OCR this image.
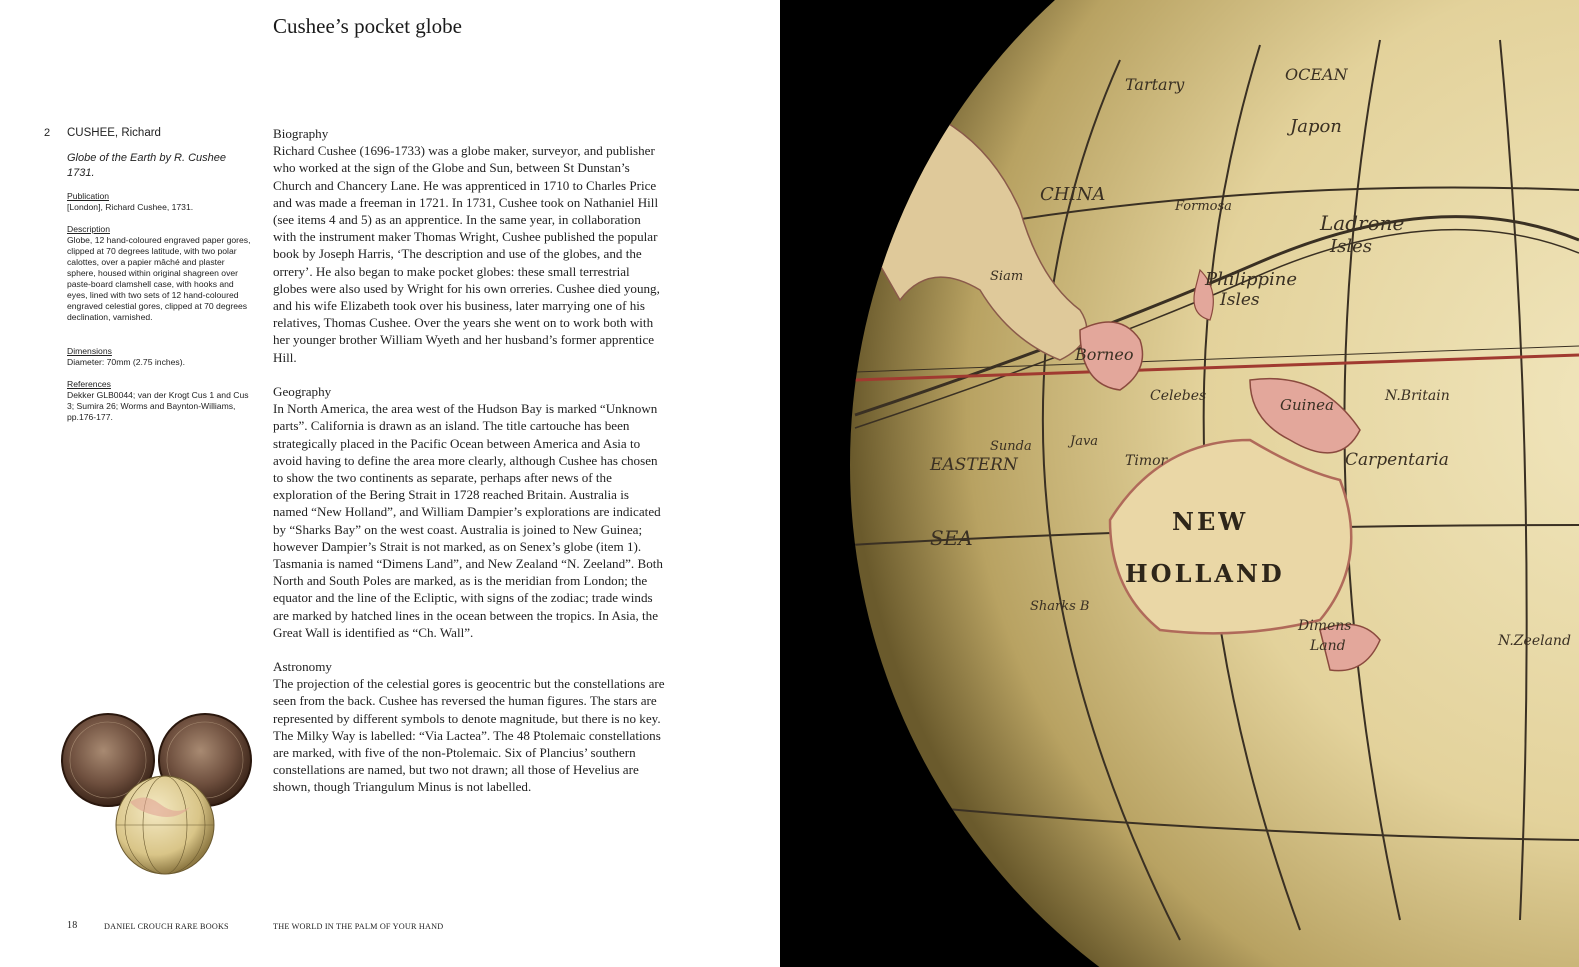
Cushee’s pocket globe
2 CUSHEE, Richard
Globe of the Earth by R. Cushee 1731.
Publication
[London], Richard Cushee, 1731.
Description
Globe, 12 hand-coloured engraved paper gores, clipped at 70 degrees latitude, with two polar calottes, over a papier mâché and plaster sphere, housed within original shagreen over paste-board clamshell case, with hooks and eyes, lined with two sets of 12 hand-coloured engraved celestial gores, clipped at 70 degrees declination, varnished.
Dimensions
Diameter: 70mm (2.75 inches).
References
Dekker GLB0044; van der Krogt Cus 1 and Cus 3; Sumira 26; Worms and Baynton-Williams, pp.176-177.
Biography
Richard Cushee (1696-1733) was a globe maker, surveyor, and publisher who worked at the sign of the Globe and Sun, between St Dunstan’s Church and Chancery Lane. He was apprenticed in 1710 to Charles Price and was made a freeman in 1721. In 1731, Cushee took on Nathaniel Hill (see items 4 and 5) as an apprentice. In the same year, in collaboration with the instrument maker Thomas Wright, Cushee published the popular book by Joseph Harris, ‘The description and use of the globes, and the orrery’. He also began to make pocket globes: these small terrestrial globes were also used by Wright for his own orreries. Cushee died young, and his wife Elizabeth took over his business, later marrying one of his relatives, Thomas Cushee. Over the years she went on to work both with her younger brother William Wyeth and her husband’s former apprentice Hill.
Geography
In North America, the area west of the Hudson Bay is marked “Unknown parts”. California is drawn as an island. The title cartouche has been strategically placed in the Pacific Ocean between America and Asia to avoid having to define the area more clearly, although Cushee has chosen to show the two continents as separate, perhaps after news of the exploration of the Bering Strait in 1728 reached Britain. Australia is named “New Holland”, and William Dampier’s explorations are indicated by “Sharks Bay” on the west coast. Australia is joined to New Guinea; however Dampier’s Strait is not marked, as on Senex’s globe (item 1). Tasmania is named “Dimens Land”, and New Zealand “N. Zeeland”. Both North and South Poles are marked, as is the meridian from London; the equator and the line of the Ecliptic, with signs of the zodiac; trade winds are marked by hatched lines in the ocean between the tropics. In Asia, the Great Wall is identified as “Ch. Wall”.
Astronomy
The projection of the celestial gores is geocentric but the constellations are seen from the back. Cushee has reversed the human figures. The stars are represented by different symbols to denote magnitude, but there is no key. The Milky Way is labelled: “Via Lactea”. The 48 Ptolemaic constellations are marked, with five of the non-Ptolemaic. Six of Plancius’ southern constellations are named, but two not drawn; all those of Hevelius are shown, though Triangulum Minus is not labelled.
18	DANIEL CROUCH RARE BOOKS	THE WORLD IN THE PALM OF YOUR HAND
Tartary
OCEAN
Japon
CHINA
Formosa
Ladrone
Isles
Philippine
Isles
Siam
Borneo
Celebes	Guinea	N.Britain
Java
Timor	Carpentaria
Sunda
EASTERN
SEA
Sharks B
Dimens
Land	N.Zeeland
NEW
HOLLAND
